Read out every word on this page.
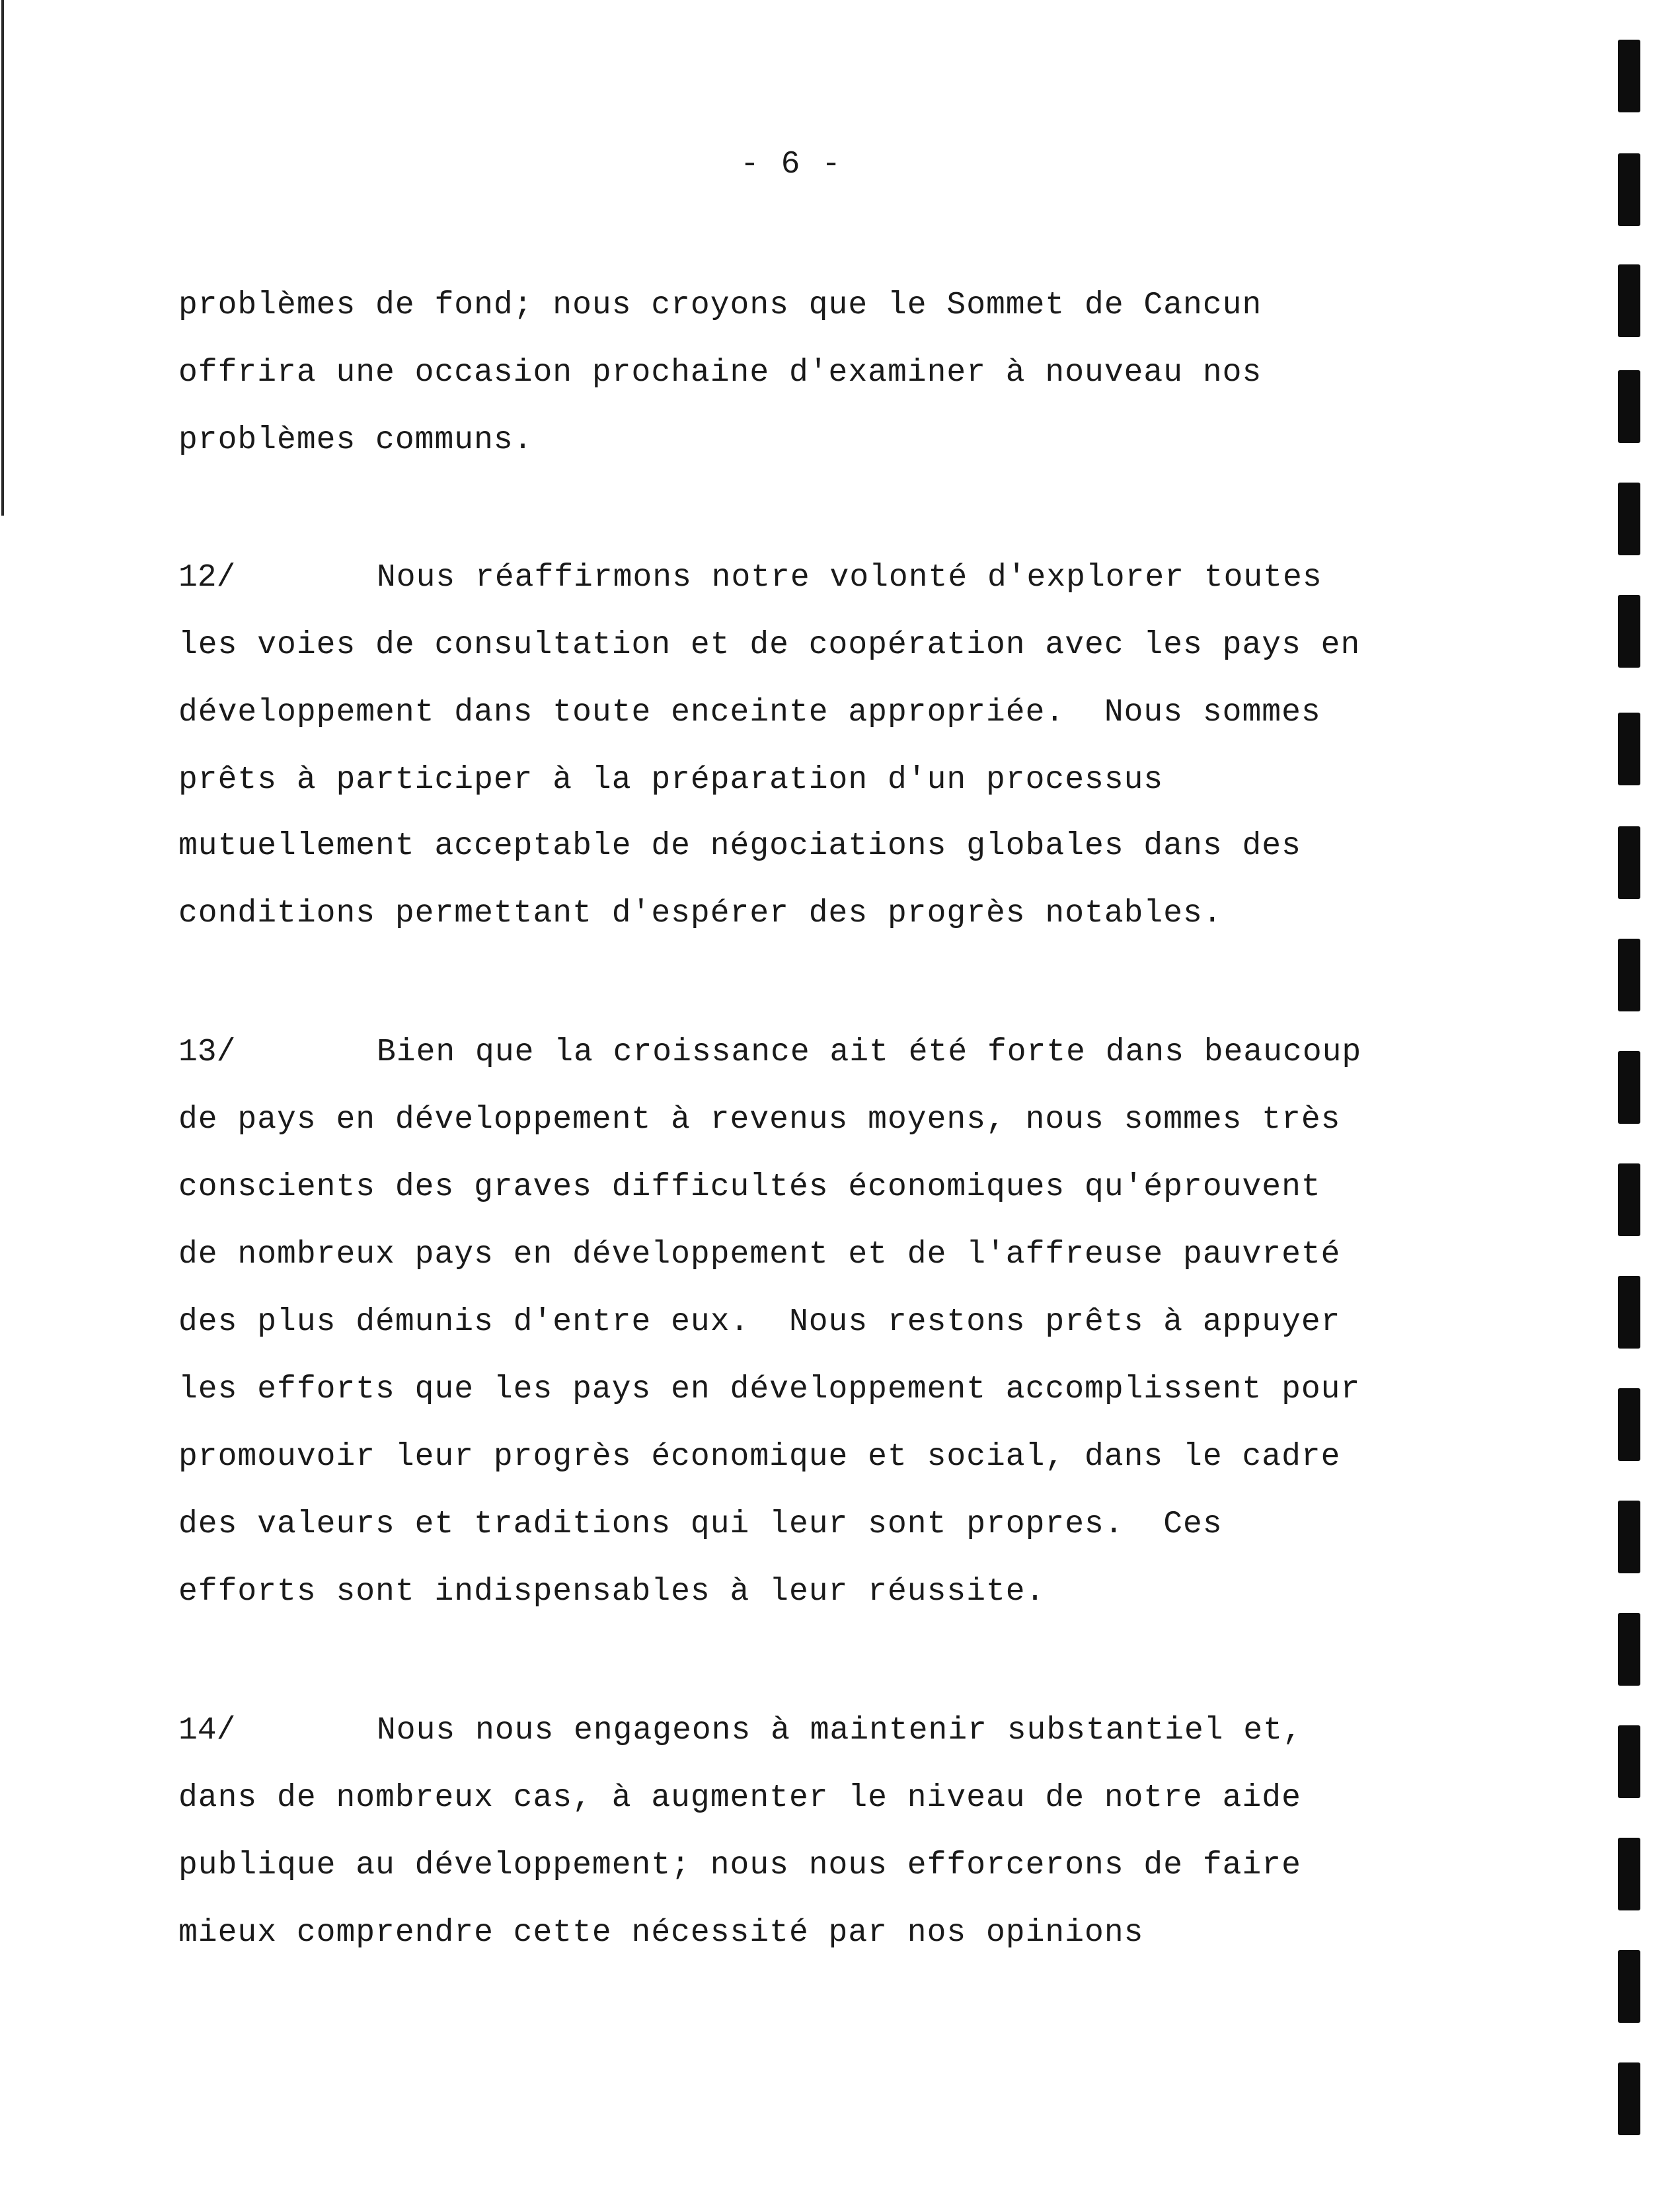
- 6 -
problèmes de fond; nous croyons que le Sommet de Cancun
offrira une occasion prochaine d'examiner à nouveau nos
problèmes communs.
12/	Nous réaffirmons notre volonté d'explorer toutes
les voies de consultation et de coopération avec les pays en
développement dans toute enceinte appropriée.  Nous sommes
prêts à participer à la préparation d'un processus
mutuellement acceptable de négociations globales dans des
conditions permettant d'espérer des progrès notables.
13/	Bien que la croissance ait été forte dans beaucoup
de pays en développement à revenus moyens, nous sommes très
conscients des graves difficultés économiques qu'éprouvent
de nombreux pays en développement et de l'affreuse pauvreté
des plus démunis d'entre eux.  Nous restons prêts à appuyer
les efforts que les pays en développement accomplissent pour
promouvoir leur progrès économique et social, dans le cadre
des valeurs et traditions qui leur sont propres.  Ces
efforts sont indispensables à leur réussite.
14/	Nous nous engageons à maintenir substantiel et,
dans de nombreux cas, à augmenter le niveau de notre aide
publique au développement; nous nous efforcerons de faire
mieux comprendre cette nécessité par nos opinions
